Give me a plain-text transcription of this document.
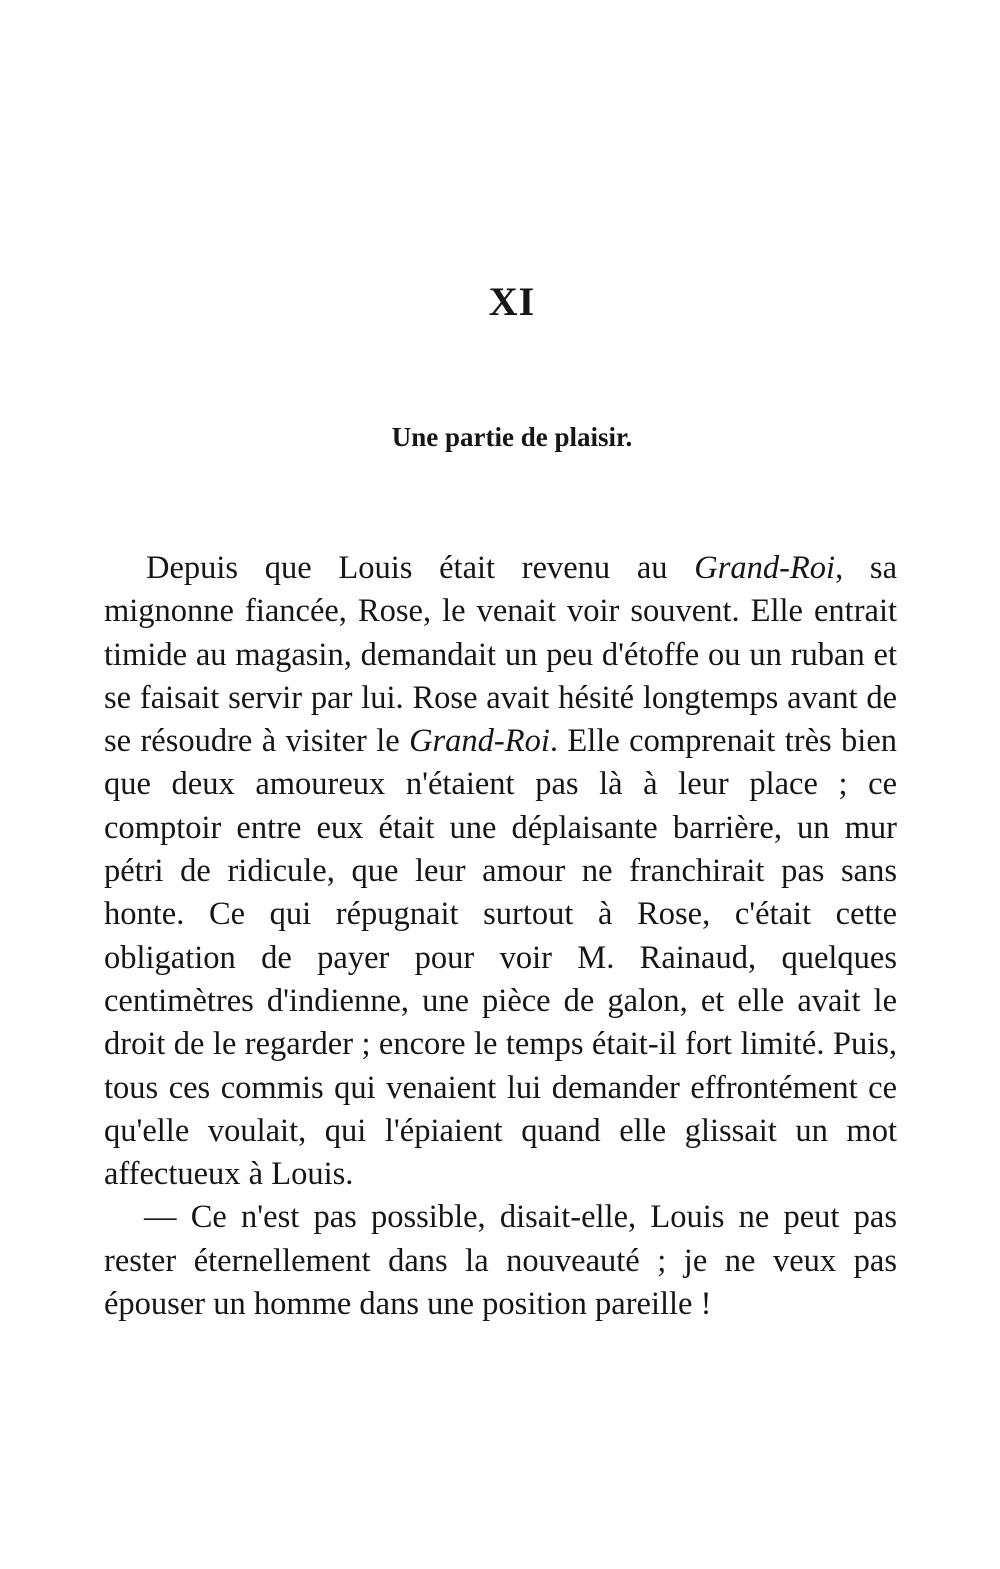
XI
Une partie de plaisir.

Depuis que Louis était revenu au Grand-Roi, sa mignonne fiancée, Rose, le venait voir souvent. Elle entrait timide au magasin, demandait un peu d'étoffe ou un ruban et se faisait servir par lui. Rose avait hésité longtemps avant de se résoudre à visiter le Grand-Roi. Elle comprenait très bien que deux amoureux n'étaient pas là à leur place ; ce comptoir entre eux était une déplaisante barrière, un mur pétri de ridicule, que leur amour ne franchirait pas sans honte. Ce qui répugnait surtout à Rose, c'était cette obligation de payer pour voir M. Rainaud, quelques centimètres d'indienne, une pièce de galon, et elle avait le droit de le regarder ; encore le temps était-il fort limité. Puis, tous ces commis qui venaient lui demander effrontément ce qu'elle voulait, qui l'épiaient quand elle glissait un mot affectueux à Louis.

— Ce n'est pas possible, disait-elle, Louis ne peut pas rester éternellement dans la nouveauté ; je ne veux pas épouser un homme dans une position pareille !
